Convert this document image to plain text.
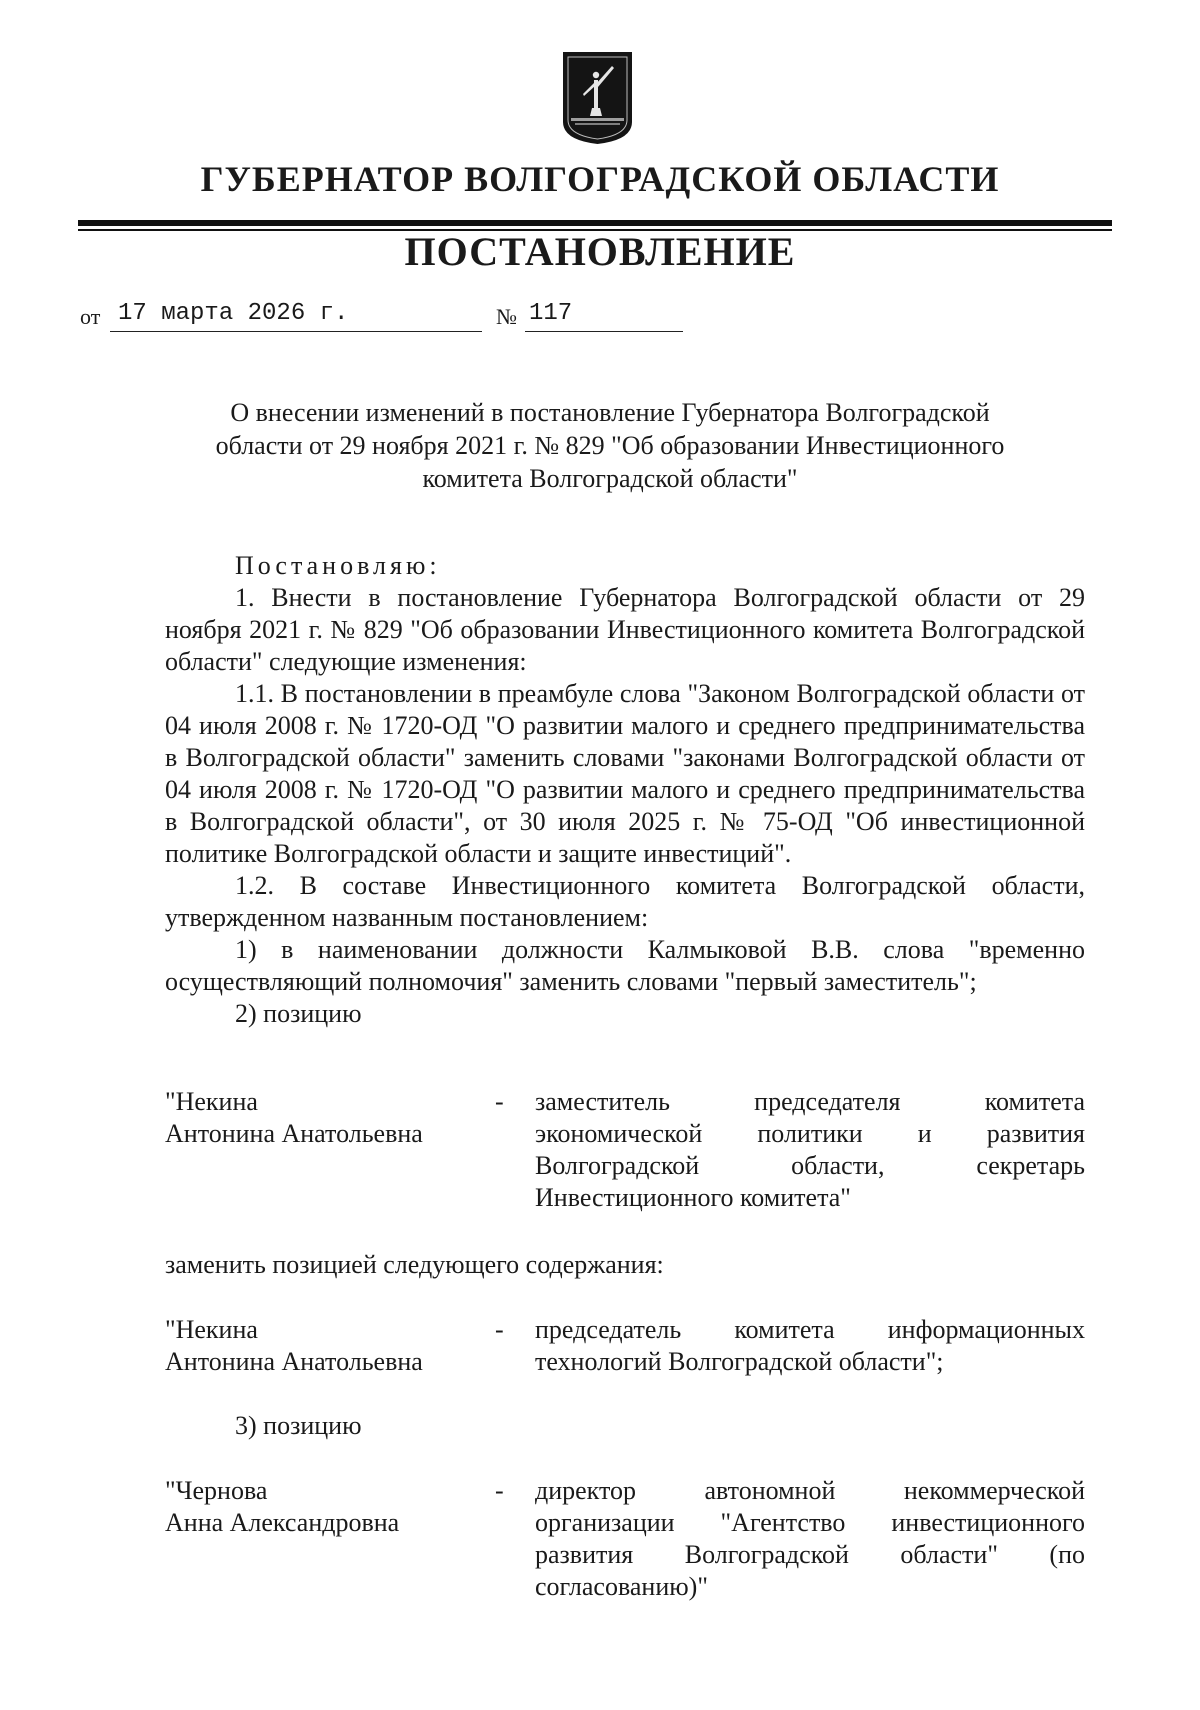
ГУБЕРНАТОР ВОЛГОГРАДСКОЙ ОБЛАСТИ
ПОСТАНОВЛЕНИЕ
от 17 марта 2026 г.	№ 117
О внесении изменений в постановление Губернатора Волгоградской
области от 29 ноября 2021 г. № 829 "Об образовании Инвестиционного
комитета Волгоградской области"

Постановляю:

1. Внести в постановление Губернатора Волгоградской области от 29 ноября 2021 г. № 829 "Об образовании Инвестиционного комитета Волгоградской области" следующие изменения:

1.1. В постановлении в преамбуле слова "Законом Волгоградской области от 04 июля 2008 г. № 1720-ОД "О развитии малого и среднего предпринимательства в Волгоградской области" заменить словами "законами Волгоградской области от 04 июля 2008 г. № 1720-ОД "О развитии малого и среднего предпринимательства в Волгоградской области", от 30 июля 2025 г. № 75-ОД "Об инвестиционной политике Волгоградской области и защите инвестиций".

1.2. В составе Инвестиционного комитета Волгоградской области, утвержденном названным постановлением:

1) в наименовании должности Калмыковой В.В. слова "временно осуществляющий полномочия" заменить словами "первый заместитель";

2) позицию

"Некина
Антонина Анатольевна
- заместитель председателя комитета экономической политики и развития Волгоградской области, секретарь Инвестиционного комитета"
заменить позицией следующего содержания:
"Некина
Антонина Анатольевна
- председатель комитета информационных технологий Волгоградской области";
3) позицию
"Чернова
Анна Александровна
- директор автономной некоммерческой организации "Агентство инвестиционного развития Волгоградской области" (по согласованию)"
